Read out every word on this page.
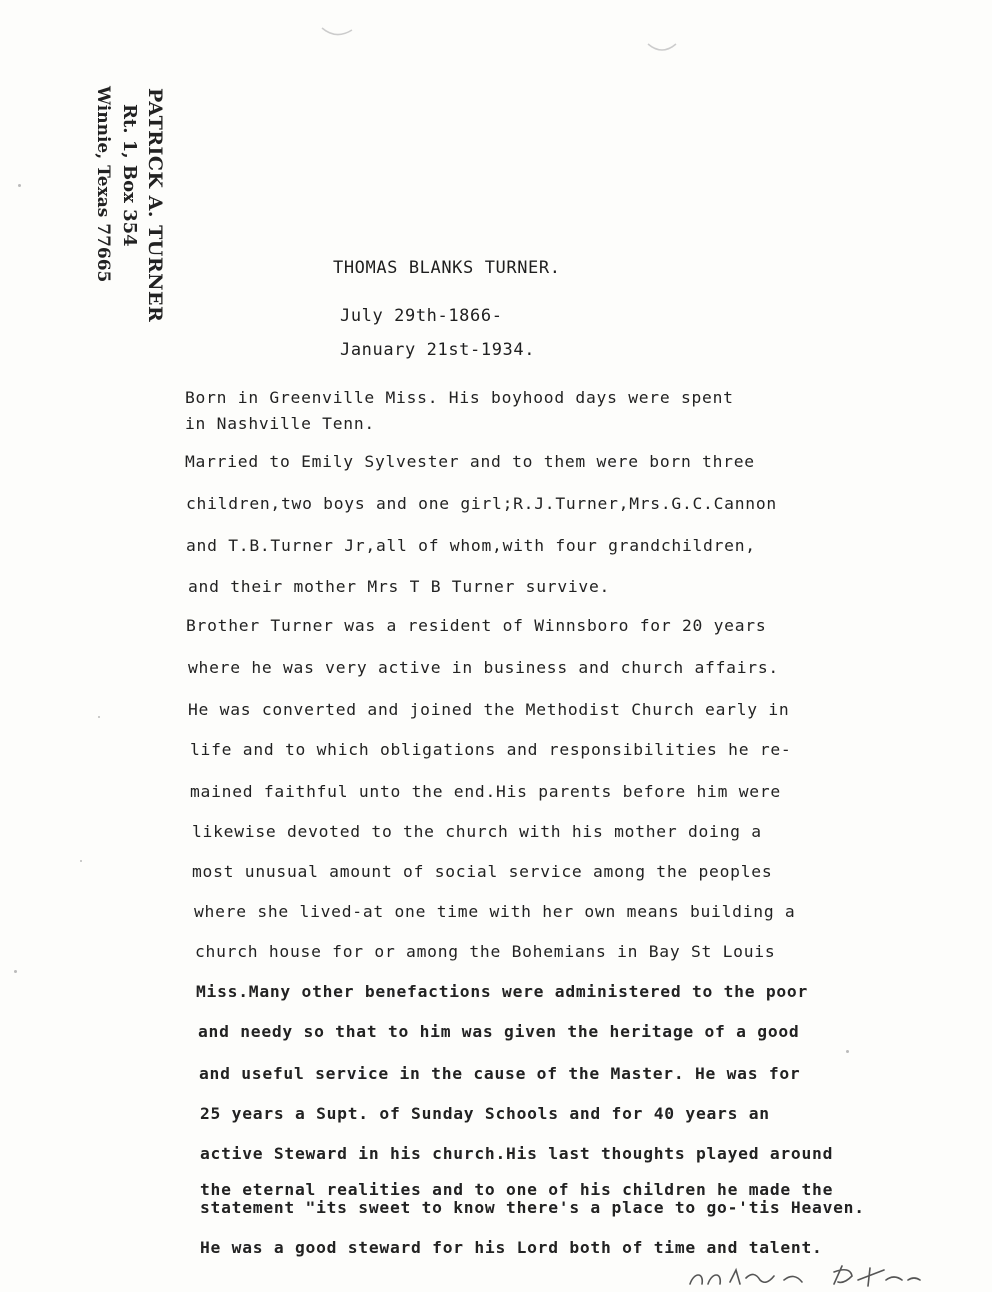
PATRICK A. TURNER
Rt. 1, Box 354
Winnie, Texas 77665	THOMAS BLANKS TURNER.
July 29th-1866-
January 21st-1934.
Born in Greenville Miss. His boyhood days were spent
in Nashville Tenn.
Married to Emily Sylvester and to them were born three
children,two boys and one girl;R.J.Turner,Mrs.G.C.Cannon
and T.B.Turner Jr,all of whom,with four grandchildren,
and their mother Mrs T B Turner survive.
Brother Turner was a resident of Winnsboro for 20 years
where he was very active in business and church affairs.
He was converted and joined the Methodist Church early in
life and to which obligations and responsibilities he re-
mained faithful unto the end.His parents before him were
likewise devoted to the church with his mother doing a
most unusual amount of social service among the peoples
where she lived-at one time with her own means building a
church house for or among the Bohemians in Bay St Louis
Miss.Many other benefactions were administered to the poor
and needy so that to him was given the heritage of a good
and useful service in the cause of the Master. He was for
25 years a Supt. of Sunday Schools and for 40 years an
active Steward in his church.His last thoughts played around
the eternal realities and to one of his children he made the
statement "its sweet to know there's a place to go-'tis Heaven.
He was a good steward for his Lord both of time and talent.
